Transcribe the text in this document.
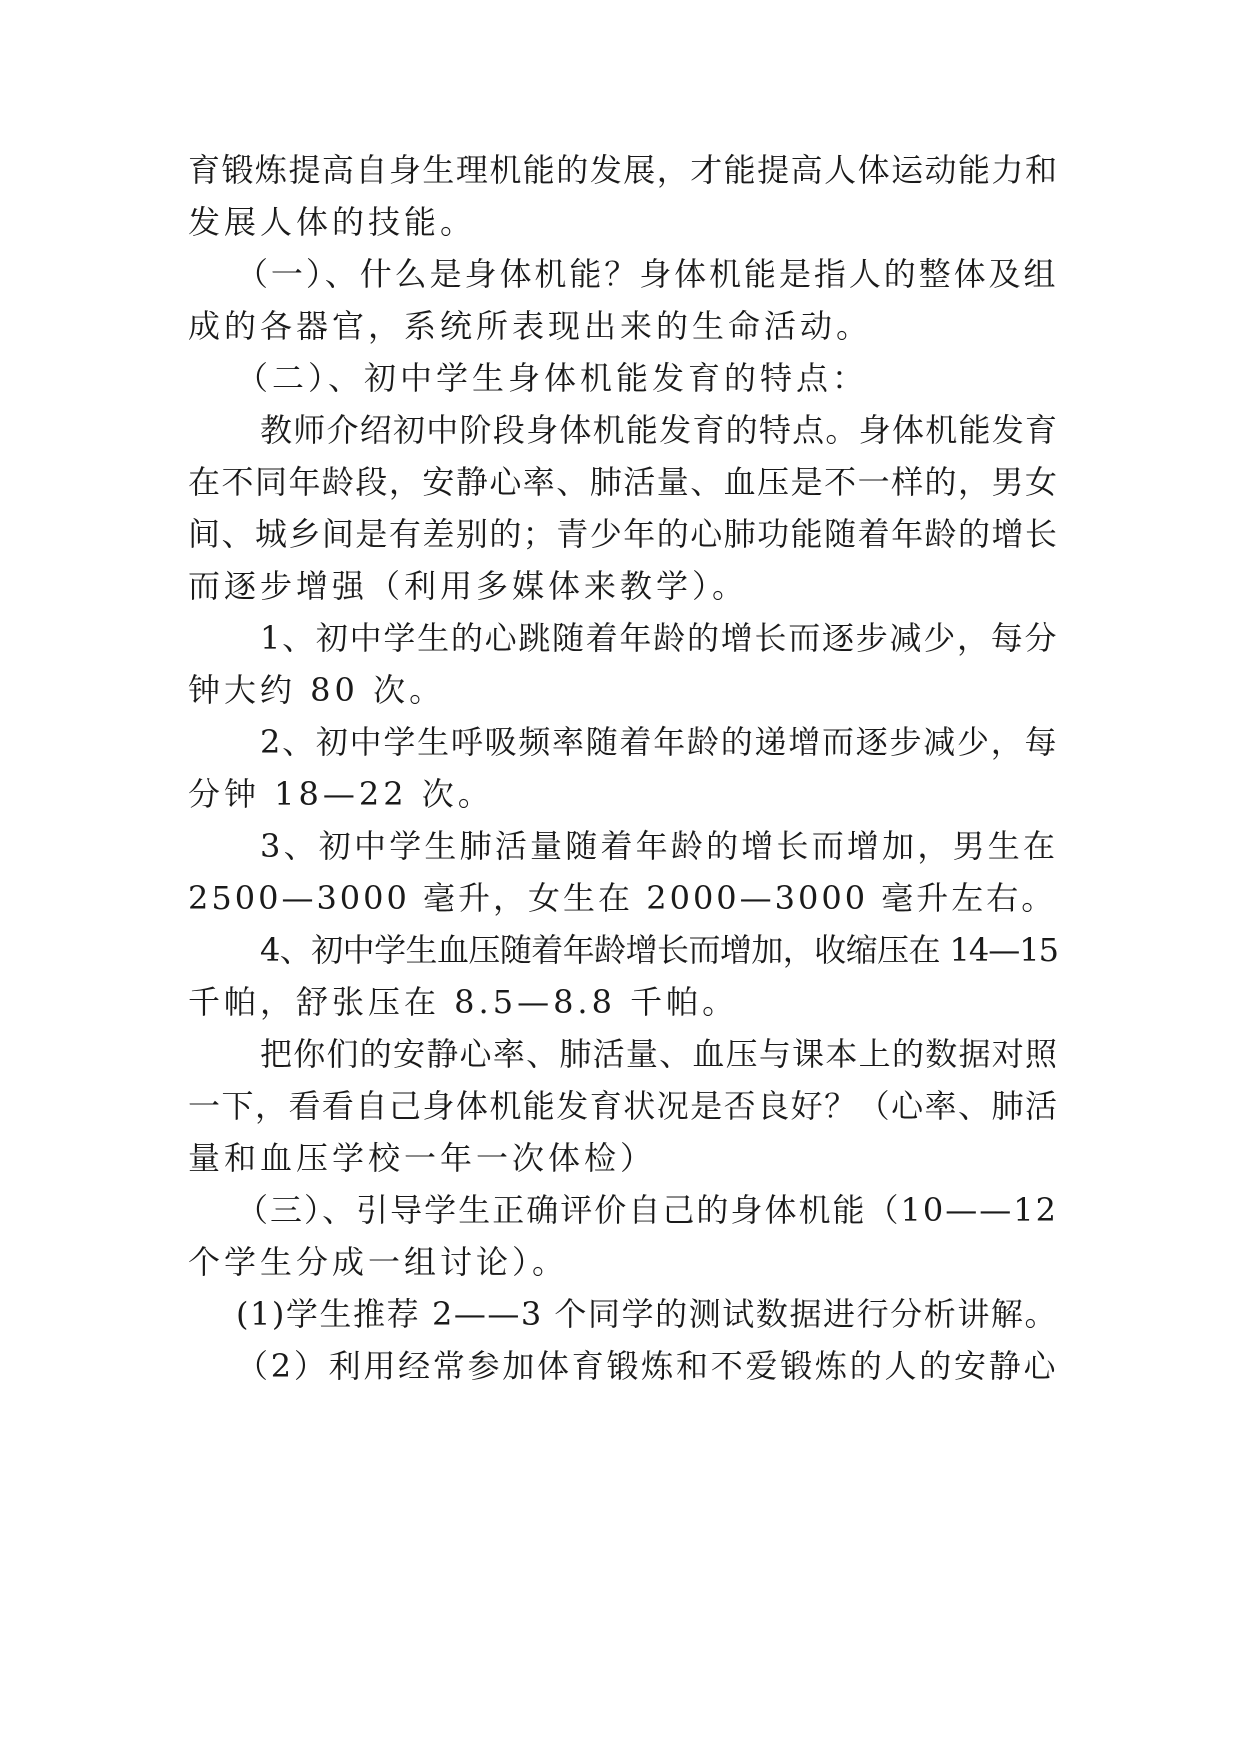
育锻炼提高自身生理机能的发展，才能提高人体运动能力和
发展人体的技能。
（一）、什么是身体机能？身体机能是指人的整体及组
成的各器官，系统所表现出来的生命活动。
（二）、初中学生身体机能发育的特点：
教师介绍初中阶段身体机能发育的特点。身体机能发育
在不同年龄段，安静心率、肺活量、血压是不一样的，男女
间、城乡间是有差别的；青少年的心肺功能随着年龄的增长
而逐步增强（利用多媒体来教学）。
1、初中学生的心跳随着年龄的增长而逐步减少，每分
钟大约 80 次。
2、初中学生呼吸频率随着年龄的递增而逐步减少，每
分钟 18—22 次。
3、初中学生肺活量随着年龄的增长而增加，男生在
2500—3000 毫升，女生在 2000—3000 毫升左右。
4、初中学生血压随着年龄增长而增加，收缩压在 14—15
千帕，舒张压在 8.5—8.8 千帕。
把你们的安静心率、肺活量、血压与课本上的数据对照
一下，看看自己身体机能发育状况是否良好？（心率、肺活
量和血压学校一年一次体检）
（三）、引导学生正确评价自己的身体机能（10——12
个学生分成一组讨论）。
(1)学生推荐 2——3 个同学的测试数据进行分析讲解。
（2）利用经常参加体育锻炼和不爱锻炼的人的安静心
